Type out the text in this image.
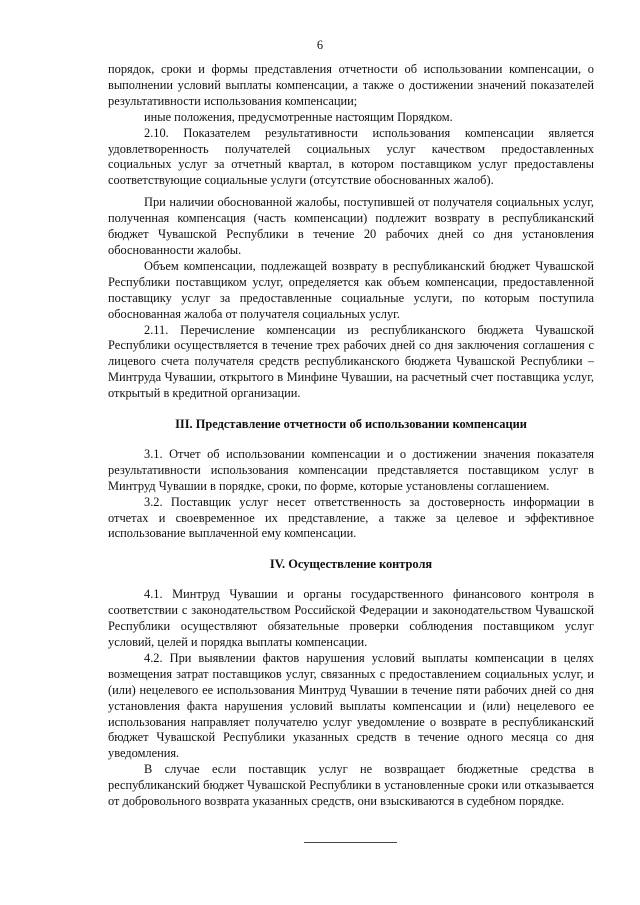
6

порядок, сроки и формы представления отчетности об использовании компенсации, о выполнении условий выплаты компенсации, а также о достижении значений показателей результативности использования компенсации;

иные положения, предусмотренные настоящим Порядком.

2.10. Показателем результативности использования компенсации является удовлетворенность получателей социальных услуг качеством предоставленных социальных услуг за отчетный квартал, в котором поставщиком услуг предоставлены соответствующие социальные услуги (отсутствие обоснованных жалоб).

При наличии обоснованной жалобы, поступившей от получателя социальных услуг, полученная компенсация (часть компенсации) подлежит возврату в республиканский бюджет Чувашской Республики в течение 20 рабочих дней со дня установления обоснованности жалобы.

Объем компенсации, подлежащей возврату в республиканский бюджет Чувашской Республики поставщиком услуг, определяется как объем компенсации, предоставленной поставщику услуг за предоставленные социальные услуги, по которым поступила обоснованная жалоба от получателя социальных услуг.

2.11. Перечисление компенсации из республиканского бюджета Чувашской Республики осуществляется в течение трех рабочих дней со дня заключения соглашения с лицевого счета получателя средств республиканского бюджета Чувашской Республики – Минтруда Чувашии, открытого в Минфине Чувашии, на расчетный счет поставщика услуг, открытый в кредитной организации.

III. Представление отчетности об использовании компенсации

3.1. Отчет об использовании компенсации и о достижении значения показателя результативности использования компенсации представляется поставщиком услуг в Минтруд Чувашии в порядке, сроки, по форме, которые установлены соглашением.

3.2. Поставщик услуг несет ответственность за достоверность информации в отчетах и своевременное их представление, а также за целевое и эффективное использование выплаченной ему компенсации.

IV. Осуществление контроля

4.1. Минтруд Чувашии и органы государственного финансового контроля в соответствии с законодательством Российской Федерации и законодательством Чувашской Республики осуществляют обязательные проверки соблюдения поставщиком услуг условий, целей и порядка выплаты компенсации.

4.2. При выявлении фактов нарушения условий выплаты компенсации в целях возмещения затрат поставщиков услуг, связанных с предоставлением социальных услуг, и (или) нецелевого ее использования Минтруд Чувашии в течение пяти рабочих дней со дня установления факта нарушения условий выплаты компенсации и (или) нецелевого ее использования направляет получателю услуг уведомление о возврате в республиканский бюджет Чувашской Республики указанных средств в течение одного месяца со дня уведомления.

В случае если поставщик услуг не возвращает бюджетные средства в республиканский бюджет Чувашской Республики в установленные сроки или отказывается от добровольного возврата указанных средств, они взыскиваются в судебном порядке.
